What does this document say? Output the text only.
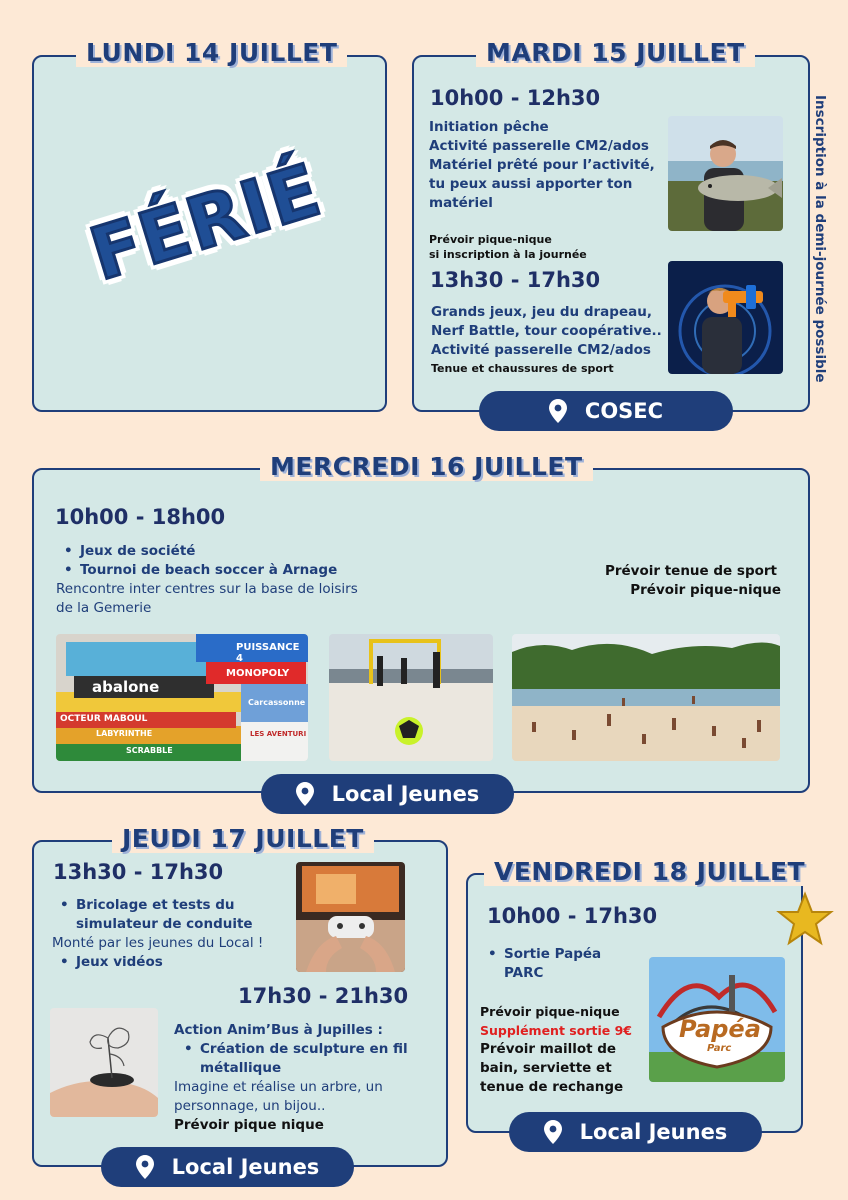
Inscription à la demi-journée possible
LUNDI 14 JUILLET
FÉRIÉ
MARDI 15 JUILLET
10h00 - 12h30
Initiation pêche
Activité passerelle CM2/ados
Matériel prêté pour l’activité,
tu peux aussi apporter ton
matériel
Prévoir pique-nique
si inscription à la journée
13h30 - 17h30
Grands jeux, jeu du drapeau,
Nerf Battle, tour coopérative..
Activité passerelle CM2/ados
Tenue et chaussures de sport
COSEC
MERCREDI 16 JUILLET
10h00 - 18h00
• Jeux de société
• Tournoi de beach soccer à Arnage
Rencontre inter centres sur la base de loisirs
de la Gemerie
Prévoir tenue de sport
Prévoir pique-nique
PUISSANCE 4
MONOPOLY
abalone
OCTEUR MABOUL
Carcassonne
LES AVENTURI
LABYRINTHE
SCRABBLE
Local Jeunes
JEUDI 17 JUILLET
13h30 - 17h30
• Bricolage et tests du
simulateur de conduite
Monté par les jeunes du Local !
• Jeux vidéos
17h30 - 21h30
Action Anim’Bus à Jupilles :
• Création de sculpture en fil
métallique
Imagine et réalise un arbre, un
personnage, un bijou..
Prévoir pique nique
Local Jeunes
VENDREDI 18 JUILLET
10h00 - 17h30
• Sortie Papéa
PARC
Prévoir pique-nique
Supplément sortie 9€
Prévoir maillot de
bain, serviette et
tenue de rechange
Papéa
Parc
Local Jeunes
